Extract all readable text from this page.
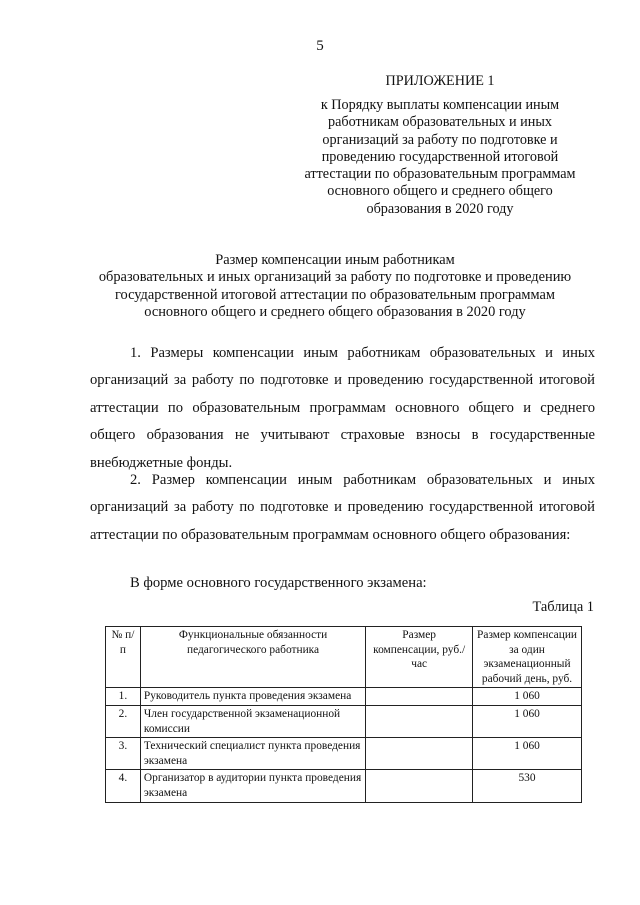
5
ПРИЛОЖЕНИЕ 1
к Порядку выплаты компенсации иным
работникам образовательных и иных
организаций за работу по подготовке и
проведению государственной итоговой
аттестации по образовательным программам
основного общего и среднего общего
образования в 2020 году
Размер компенсации иным работникам
образовательных и иных организаций за работу по подготовке и проведению
государственной итоговой аттестации по образовательным программам
основного общего и среднего общего образования в 2020 году
1. Размеры компенсации иным работникам образовательных и иных организаций за работу по подготовке и проведению государственной итоговой аттестации по образовательным программам основного общего и среднего общего образования не учитывают страховые взносы в государственные внебюджетные фонды.
2. Размер компенсации иным работникам образовательных и иных организаций за работу по подготовке и проведению государственной итоговой аттестации по образовательным программам основного общего образования:
В форме основного государственного экзамена:
Таблица 1
№ п/п	Функциональные обязанности педагогического работника	Размер компенсации, руб./час	Размер компенсации за один экзаменационный рабочий день, руб.
1.	Руководитель пункта проведения экзамена		1 060
2.	Член государственной экзаменационной комиссии		1 060
3.	Технический специалист пункта проведения экзамена		1 060
4.	Организатор в аудитории пункта проведения экзамена		530
